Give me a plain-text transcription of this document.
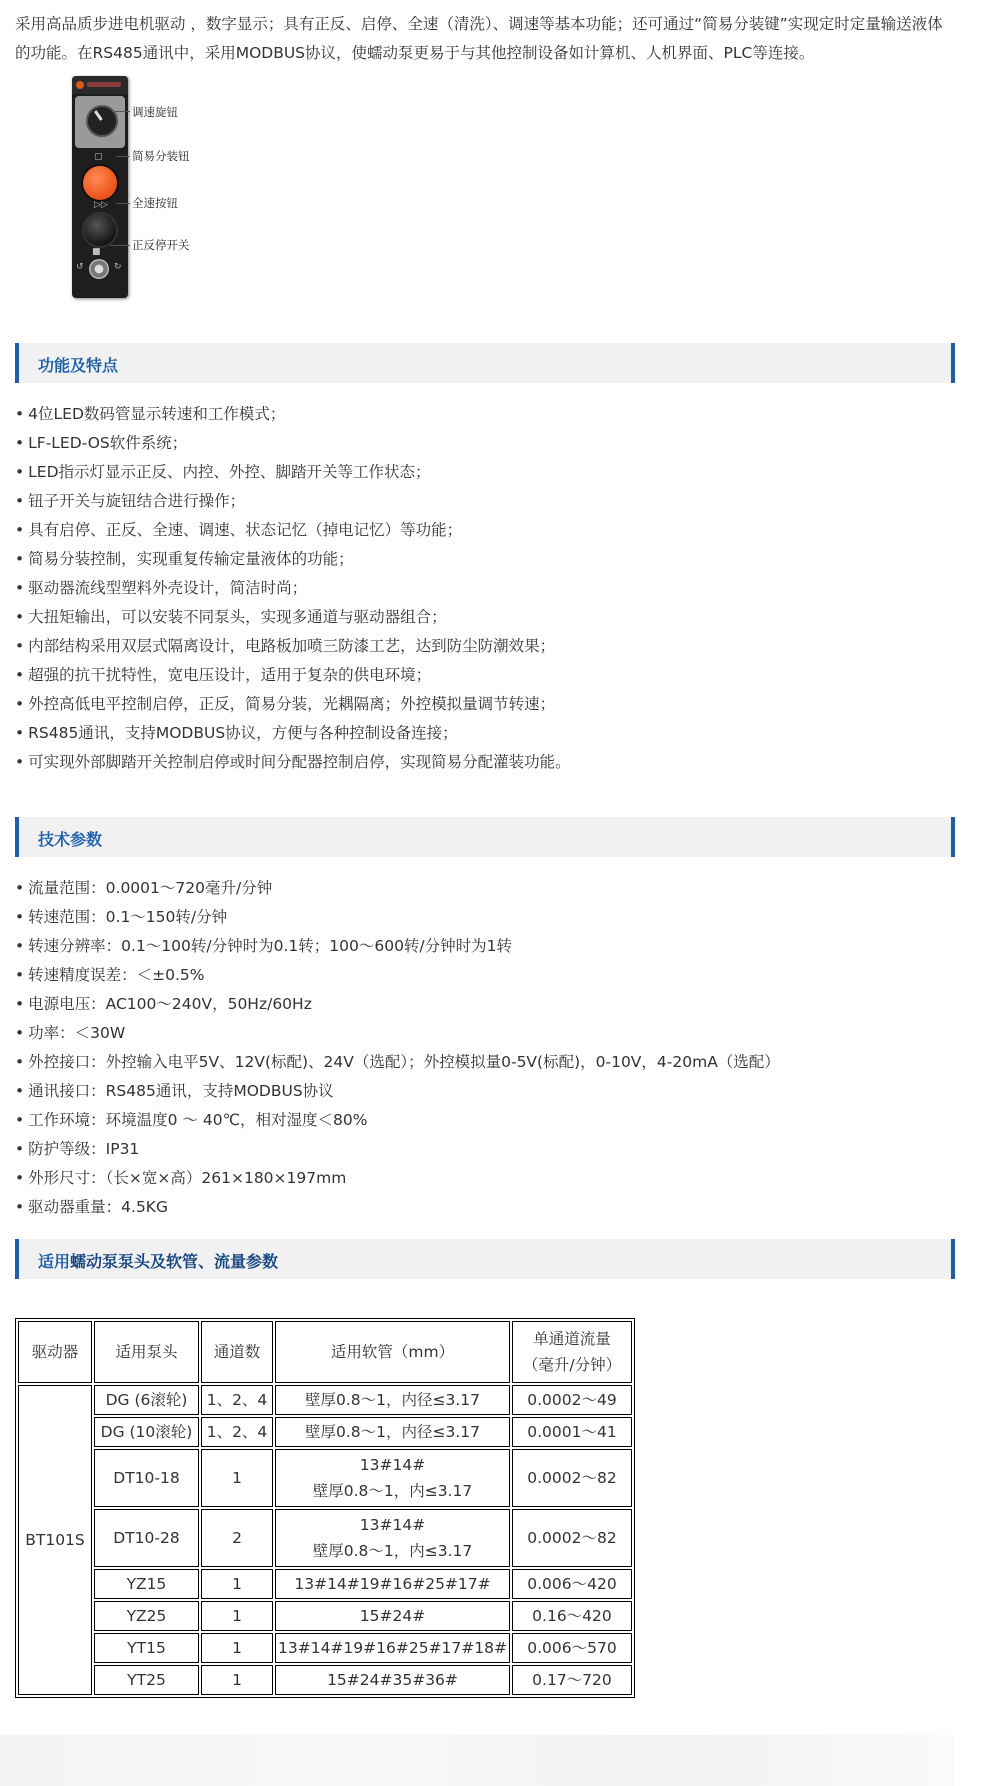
采用高品质步进电机驱动 ，数字显示；具有正反、启停、全速（清洗）、调速等基本功能；还可通过“简易分装键”实现定时定量输送液体的功能。在RS485通讯中，采用MODBUS协议，使蠕动泵更易于与其他控制设备如计算机、人机界面、PLC等连接。
▢
▷▷
■
↺	↻
调速旋钮
简易分装钮
全速按钮
正反停开关
功能及特点
• 4位LED数码管显示转速和工作模式；
• LF-LED-OS软件系统；
• LED指示灯显示正反、内控、外控、脚踏开关等工作状态；
• 钮子开关与旋钮结合进行操作；
• 具有启停、正反、全速、调速、状态记忆（掉电记忆）等功能；
• 简易分装控制，实现重复传输定量液体的功能；
• 驱动器流线型塑料外壳设计，简洁时尚；
• 大扭矩输出，可以安装不同泵头，实现多通道与驱动器组合；
• 内部结构采用双层式隔离设计，电路板加喷三防漆工艺，达到防尘防潮效果；
• 超强的抗干扰特性，宽电压设计，适用于复杂的供电环境；
• 外控高低电平控制启停，正反，简易分装，光耦隔离；外控模拟量调节转速；
• RS485通讯，支持MODBUS协议，方便与各种控制设备连接；
• 可实现外部脚踏开关控制启停或时间分配器控制启停，实现简易分配灌装功能。
技术参数
• 流量范围：0.0001～720毫升/分钟
• 转速范围：0.1～150转/分钟
• 转速分辨率：0.1～100转/分钟时为0.1转；100～600转/分钟时为1转
• 转速精度误差：＜±0.5%
• 电源电压：AC100～240V，50Hz/60Hz
• 功率：＜30W
• 外控接口：外控输入电平5V、12V(标配)、24V（选配）；外控模拟量0-5V(标配)，0-10V，4-20mA（选配）
• 通讯接口：RS485通讯，支持MODBUS协议
• 工作环境：环境温度0 ～ 40℃，相对湿度＜80%
• 防护等级：IP31
• 外形尺寸：（长×宽×高）261×180×197mm
• 驱动器重量：4.5KG
适用蠕动泵泵头及软管、流量参数
驱动器	适用泵头	通道数	适用软管（mm）	单通道流量
（毫升/分钟）

BT101S	DG (6滚轮)	1、2、4	壁厚0.8～1，内径≤3.17	0.0002～49
	DG (10滚轮)	1、2、4	壁厚0.8～1，内径≤3.17	0.0001～41
	DT10-18	1	13#14#
壁厚0.8～1，内≤3.17	0.0002～82
	DT10-28	2	13#14#
壁厚0.8～1，内≤3.17	0.0002～82
	YZ15	1	13#14#19#16#25#17#	0.006～420
	YZ25	1	15#24#	0.16～420
	YT15	1	13#14#19#16#25#17#18#	0.006～570
	YT25	1	15#24#35#36#	0.17～720
